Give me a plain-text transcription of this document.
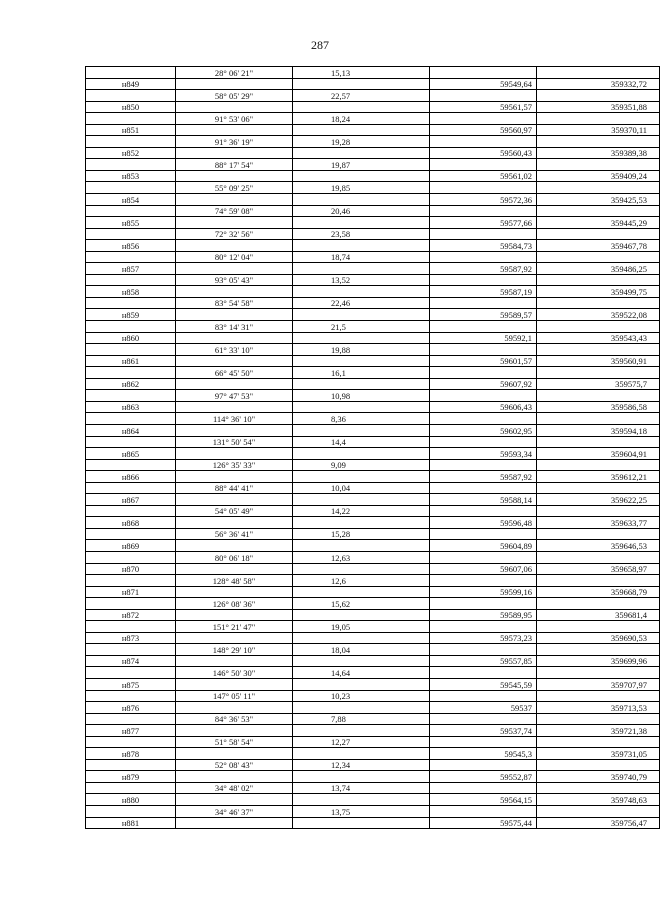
287
	28° 06' 21"	15,13		
н849			59549,64	359332,72
	58° 05' 29"	22,57		
н850			59561,57	359351,88
	91° 53' 06"	18,24		
н851			59560,97	359370,11
	91° 36' 19"	19,28		
н852			59560,43	359389,38
	88° 17' 54"	19,87		
н853			59561,02	359409,24
	55° 09' 25"	19,85		
н854			59572,36	359425,53
	74° 59' 08"	20,46		
н855			59577,66	359445,29
	72° 32' 56"	23,58		
н856			59584,73	359467,78
	80° 12' 04"	18,74		
н857			59587,92	359486,25
	93° 05' 43"	13,52		
н858			59587,19	359499,75
	83° 54' 58"	22,46		
н859			59589,57	359522,08
	83° 14' 31"	21,5		
н860			59592,1	359543,43
	61° 33' 10"	19,88		
н861			59601,57	359560,91
	66° 45' 50"	16,1		
н862			59607,92	359575,7
	97° 47' 53"	10,98		
н863			59606,43	359586,58
	114° 36' 10"	8,36		
н864			59602,95	359594,18
	131° 50' 54"	14,4		
н865			59593,34	359604,91
	126° 35' 33"	9,09		
н866			59587,92	359612,21
	88° 44' 41"	10,04		
н867			59588,14	359622,25
	54° 05' 49"	14,22		
н868			59596,48	359633,77
	56° 36' 41"	15,28		
н869			59604,89	359646,53
	80° 06' 18"	12,63		
н870			59607,06	359658,97
	128° 48' 58"	12,6		
н871			59599,16	359668,79
	126° 08' 36"	15,62		
н872			59589,95	359681,4
	151° 21' 47"	19,05		
н873			59573,23	359690,53
	148° 29' 10"	18,04		
н874			59557,85	359699,96
	146° 50' 30"	14,64		
н875			59545,59	359707,97
	147° 05' 11"	10,23		
н876			59537	359713,53
	84° 36' 53"	7,88		
н877			59537,74	359721,38
	51° 58' 54"	12,27		
н878			59545,3	359731,05
	52° 08' 43"	12,34		
н879			59552,87	359740,79
	34° 48' 02"	13,74		
н880			59564,15	359748,63
	34° 46' 37"	13,75		
н881			59575,44	359756,47
